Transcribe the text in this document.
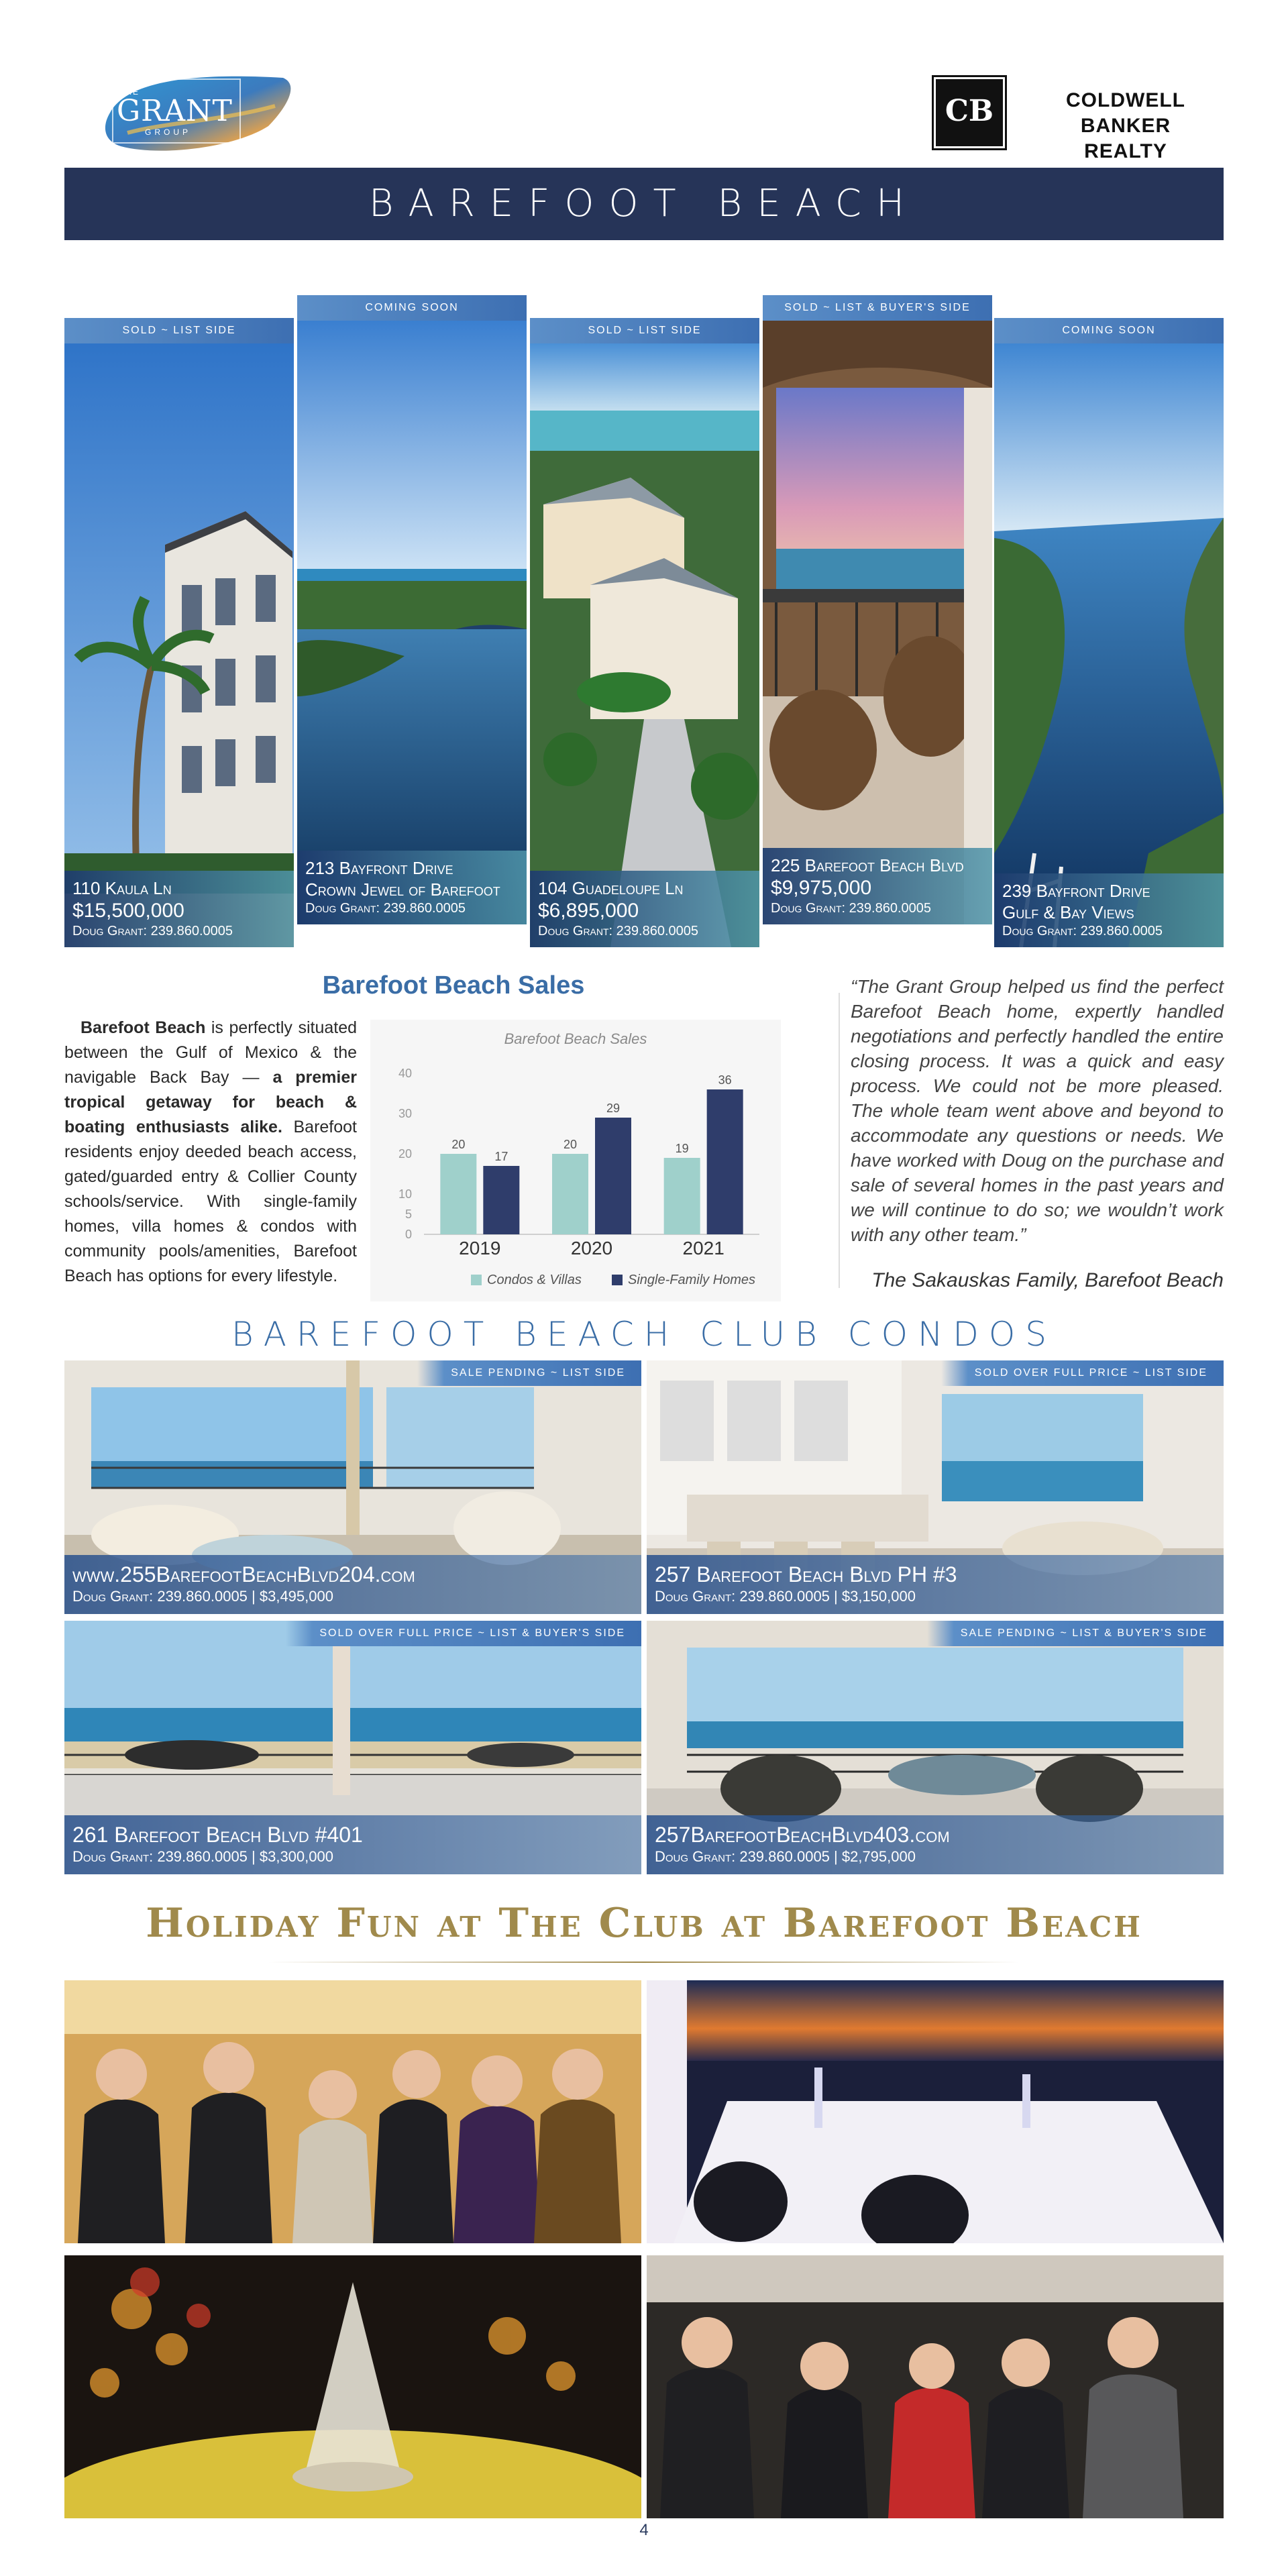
THE
GRANT
GROUP
CB	COLDWELL BANKER
REALTY
BAREFOOT BEACH
SOLD ~ LIST SIDE
110 Kaula Ln
$15,500,000
Doug Grant: 239.860.0005
COMING SOON
213 Bayfront Drive
Crown Jewel of Barefoot
Doug Grant: 239.860.0005
SOLD ~ LIST SIDE
104 Guadeloupe Ln
$6,895,000
Doug Grant: 239.860.0005
SOLD ~ LIST & BUYER'S SIDE
225 Barefoot Beach Blvd
$9,975,000
Doug Grant: 239.860.0005
COMING SOON
239 Bayfront Drive
Gulf & Bay Views
Doug Grant: 239.860.0005
Barefoot Beach Sales
Barefoot Beach is perfectly situated between the Gulf of Mexico & the navigable Back Bay — a premier tropical getaway for beach & boating enthusiasts alike. Barefoot residents enjoy deeded beach access, gated/guarded entry & Collier County schools/service. With single-family homes, villa homes & condos with community pools/amenities, Barefoot Beach has options for every lifestyle.
Barefoot Beach Sales
0
5
10
20
30
40
20
17
2019
20
29
2020
19
36
2021
Condos & Villas	Single-Family Homes
“The Grant Group helped us find the perfect Barefoot Beach home, expertly handled negotiations and perfectly handled the entire closing process. It was a quick and easy process. We could not be more pleased. The whole team went above and beyond to accommodate any questions or needs. We have worked with Doug on the purchase and sale of several homes in the past years and we will continue to do so; we wouldn’t work with any other team.”
The Sakauskas Family, Barefoot Beach
BAREFOOT BEACH CLUB CONDOS
SALE PENDING ~ LIST SIDE
www.255BarefootBeachBlvd204.com
Doug Grant: 239.860.0005 | $3,495,000
SOLD OVER FULL PRICE ~ LIST SIDE
257 Barefoot Beach Blvd PH #3
Doug Grant: 239.860.0005 | $3,150,000
SOLD OVER FULL PRICE ~ LIST & BUYER'S SIDE
261 Barefoot Beach Blvd #401
Doug Grant: 239.860.0005 | $3,300,000
SALE PENDING ~ LIST & BUYER'S SIDE
257BarefootBeachBlvd403.com
Doug Grant: 239.860.0005 | $2,795,000
Holiday Fun at The Club at Barefoot Beach
4
